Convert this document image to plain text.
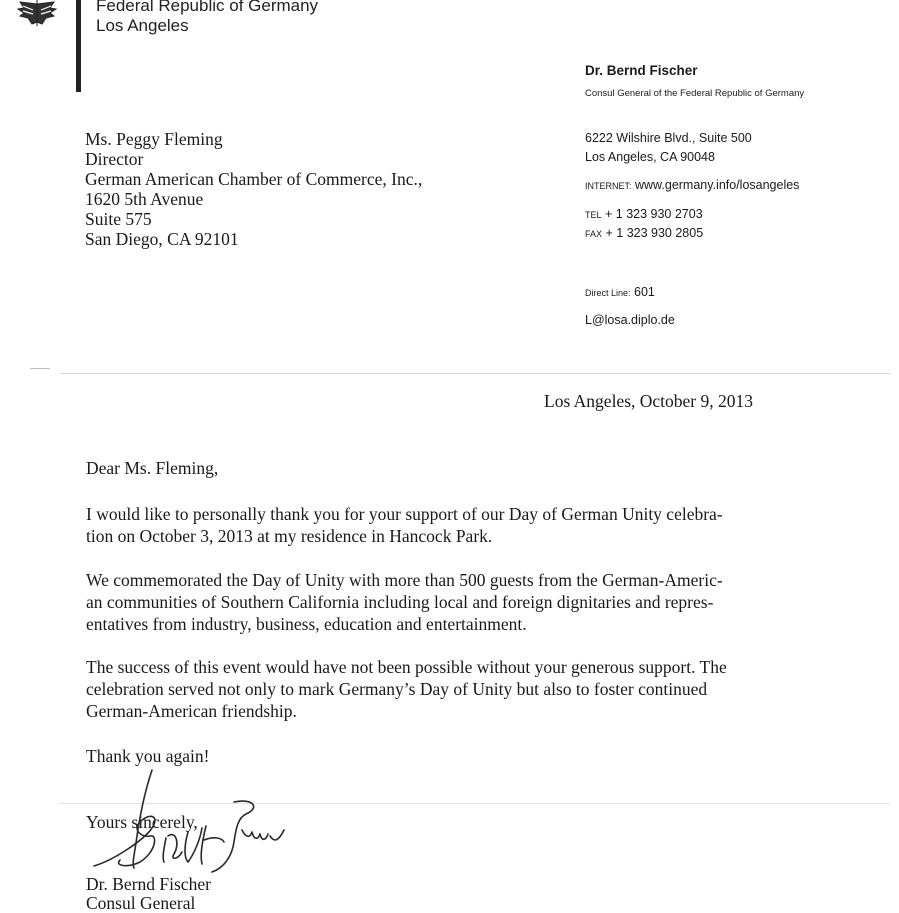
Federal Republic of Germany
Los Angeles
Dr. Bernd Fischer
Consul General of the Federal Republic of Germany
6222 Wilshire Blvd., Suite 500
Los Angeles, CA 90048
INTERNET: www.germany.info/losangeles
TEL + 1 323 930 2703
FAX + 1 323 930 2805
Direct Line: 601
L@losa.diplo.de
Ms. Peggy Fleming
Director
German American Chamber of Commerce, Inc.,
1620 5th Avenue
Suite 575
San Diego, CA 92101
Los Angeles, October 9, 2013
Dear Ms. Fleming,
I would like to personally thank you for your support of our Day of German Unity celebra-
tion on October 3, 2013 at my residence in Hancock Park.
We commemorated the Day of Unity with more than 500 guests from the German-Americ-
an communities of Southern California including local and foreign dignitaries and repres-
entatives from industry, business, education and entertainment.
The success of this event would have not been possible without your generous support. The
celebration served not only to mark Germany’s Day of Unity but also to foster continued
German-American friendship.
Thank you again!
Yours sincerely,
Dr. Bernd Fischer
Consul General
